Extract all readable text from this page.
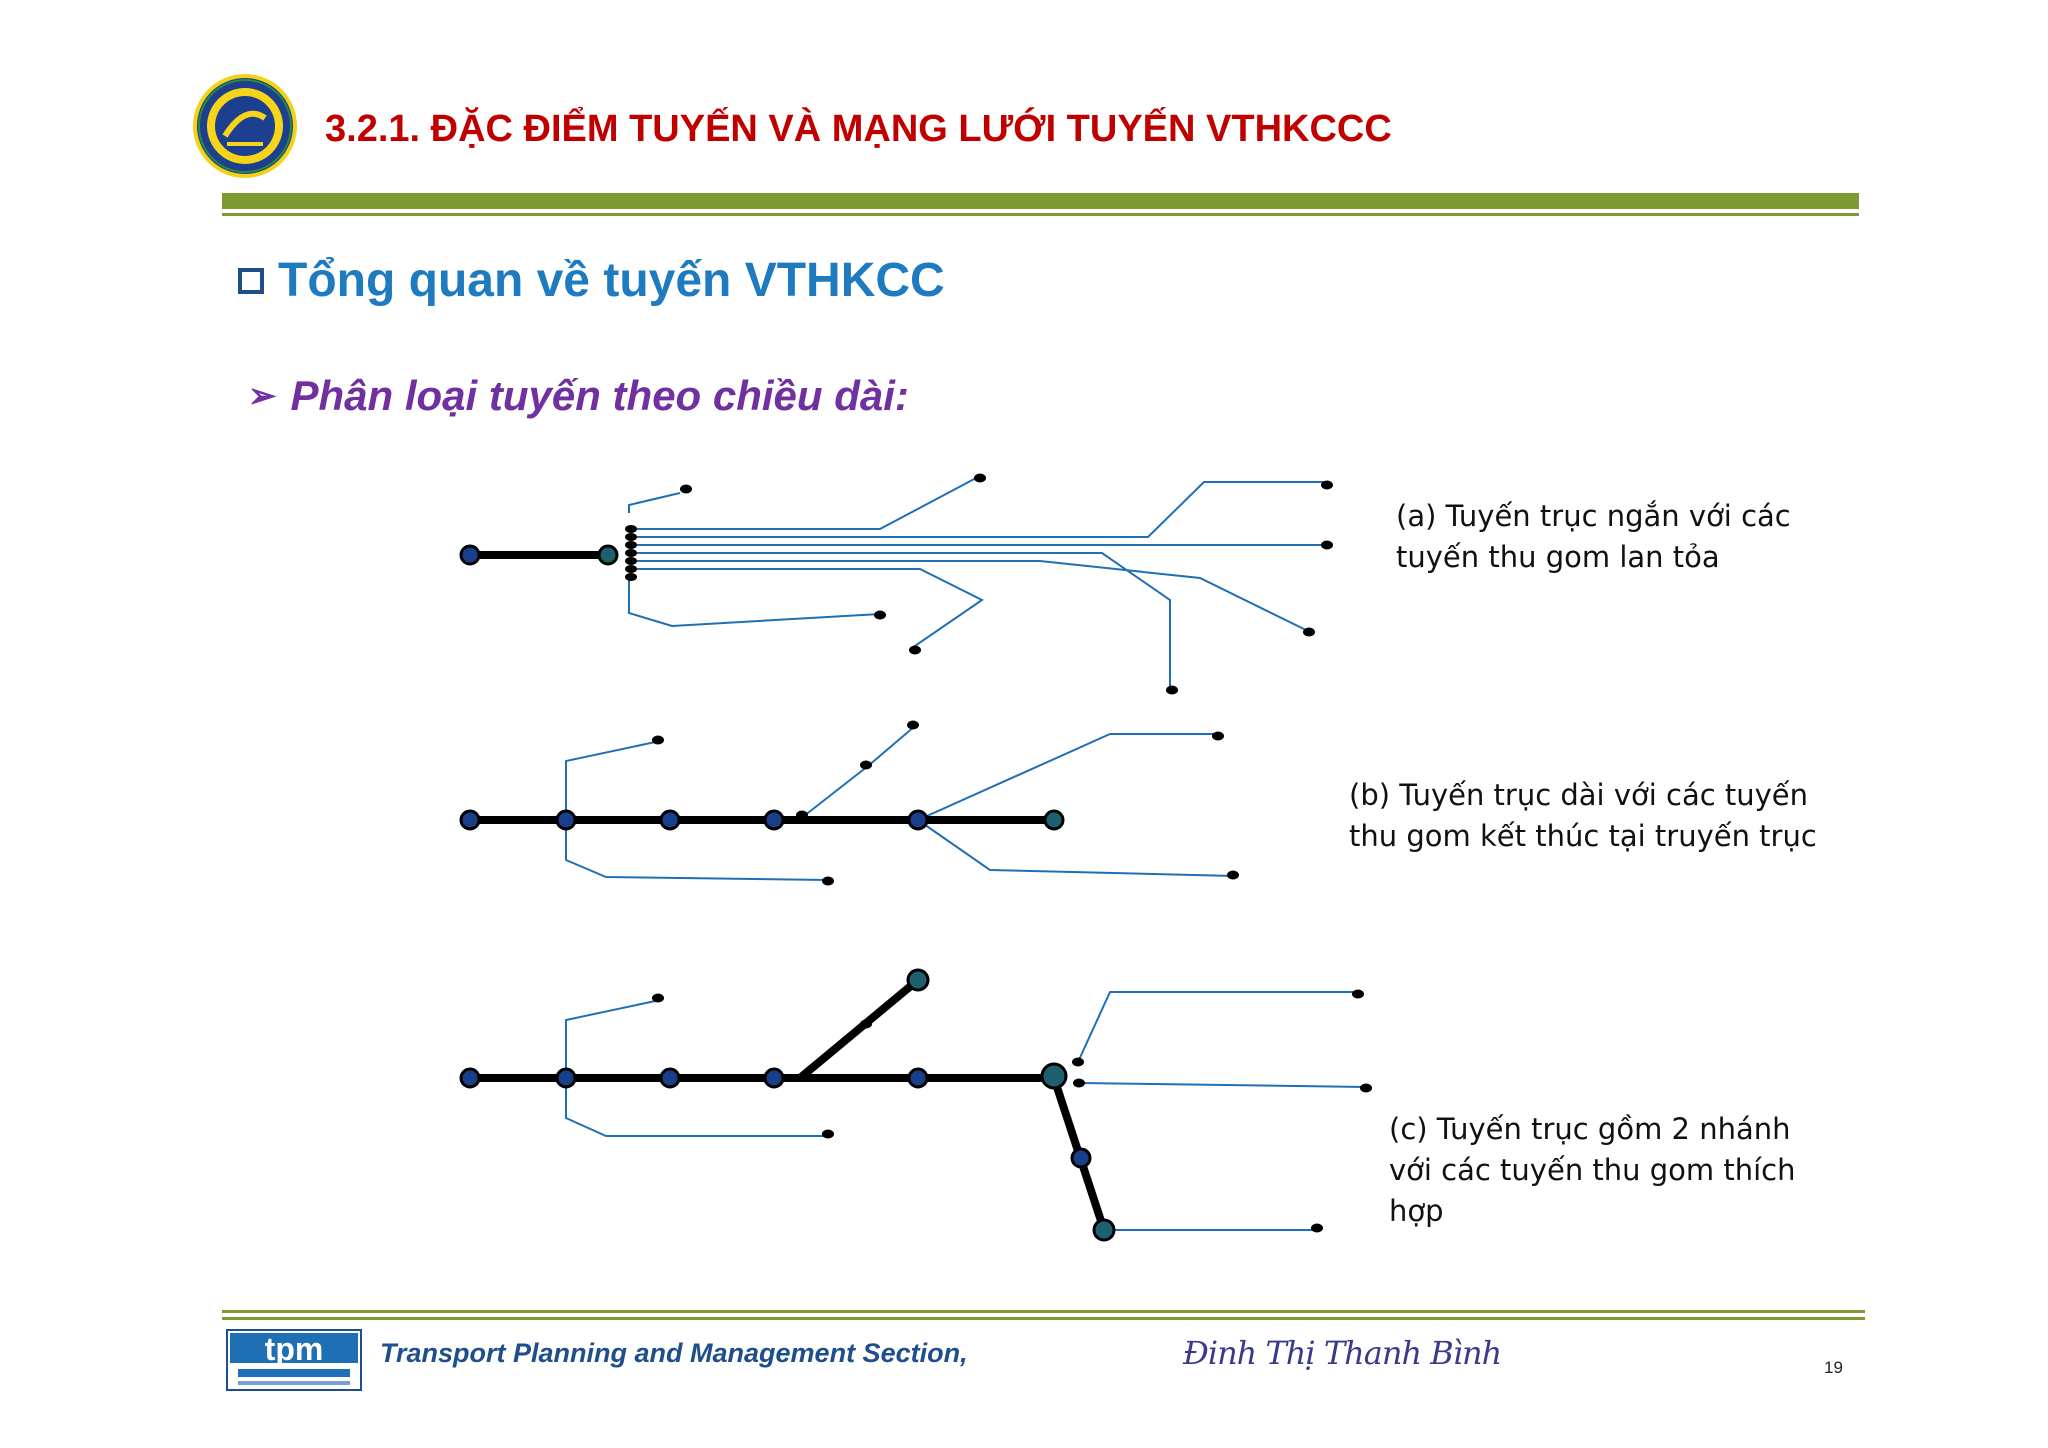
3.2.1. ĐẶC ĐIỂM TUYẾN VÀ MẠNG LƯỚI TUYẾN VTHKCCC
Tổng quan về tuyến VTHKCC
➢ Phân loại tuyến theo chiều dài:
(a) Tuyến trục ngắn với các
tuyến thu gom lan tỏa
(b) Tuyến trục dài với các tuyến
thu gom kết thúc tại truyến trục
(c) Tuyến trục gồm 2 nhánh
với các tuyến thu gom thích
hợp
tpm Transport Planning and Management Section,	Đinh Thị Thanh Bình	19
